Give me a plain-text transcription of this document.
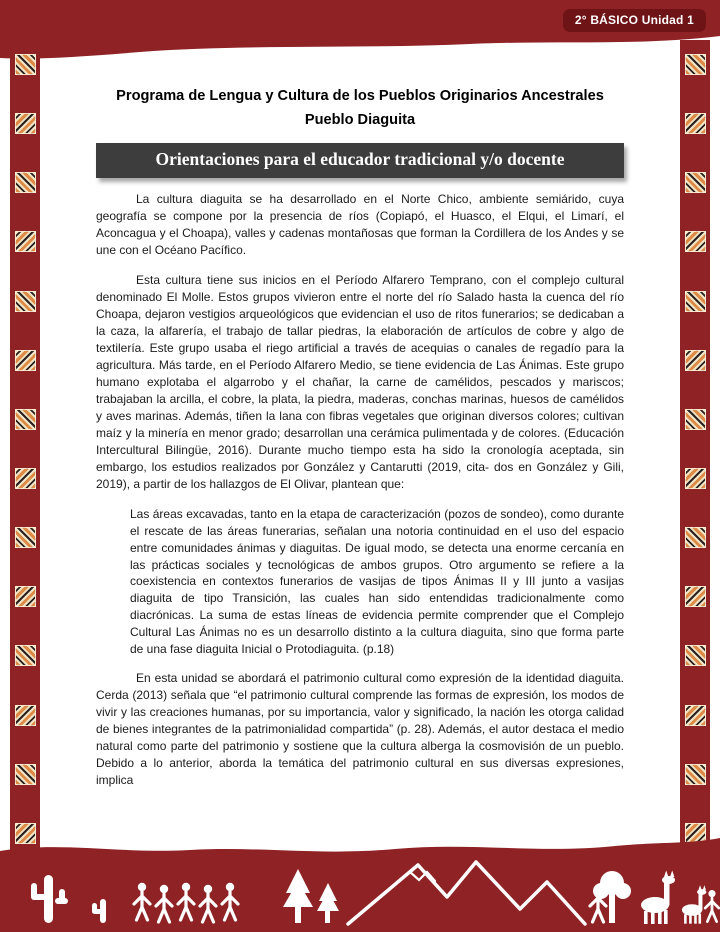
2° BÁSICO Unidad 1
Programa de Lengua y Cultura de los Pueblos Originarios Ancestrales
Pueblo Diaguita
Orientaciones para el educador tradicional y/o docente

La cultura diaguita se ha desarrollado en el Norte Chico, ambiente semiárido, cuya geografía se compone por la presencia de ríos (Copiapó, el Huasco, el Elqui, el Limarí, el Aconcagua y el Choapa), valles y cadenas montañosas que forman la Cordillera de los Andes y se une con el Océano Pacífico.

Esta cultura tiene sus inicios en el Período Alfarero Temprano, con el complejo cultural denominado El Molle. Estos grupos vivieron entre el norte del río Salado hasta la cuenca del río Choapa, dejaron vestigios arqueológicos que evidencian el uso de ritos funerarios; se dedicaban a la caza, la alfarería, el trabajo de tallar piedras, la elaboración de artículos de cobre y algo de textilería. Este grupo usaba el riego artificial a través de acequias o canales de regadío para la agricultura. Más tarde, en el Período Alfarero Medio, se tiene evidencia de Las Ánimas. Este grupo humano explotaba el algarrobo y el chañar, la carne de camélidos, pescados y mariscos; trabajaban la arcilla, el cobre, la plata, la piedra, maderas, conchas marinas, huesos de camélidos y aves marinas. Además, tiñen la lana con fibras vegetales que originan diversos colores; cultivan maíz y la minería en menor grado; desarrollan una cerámica pulimentada y de colores. (Educación Intercultural Bilingüe, 2016). Durante mucho tiempo esta ha sido la cronología aceptada, sin embargo, los estudios realizados por González y Cantarutti (2019, cita- dos en González y Gili, 2019), a partir de los hallazgos de El Olivar, plantean que:

Las áreas excavadas, tanto en la etapa de caracterización (pozos de sondeo), como durante el rescate de las áreas funerarias, señalan una notoria continuidad en el uso del espacio entre comunidades ánimas y diaguitas. De igual modo, se detecta una enorme cercanía en las prácticas sociales y tecnológicas de ambos grupos. Otro argumento se refiere a la coexistencia en contextos funerarios de vasijas de tipos Ánimas II y III junto a vasijas diaguita de tipo Transición, las cuales han sido entendidas tradicionalmente como diacrónicas. La suma de estas líneas de evidencia permite comprender que el Complejo Cultural Las Ánimas no es un desarrollo distinto a la cultura diaguita, sino que forma parte de una fase diaguita Inicial o Protodiaguita. (p.18)

En esta unidad se abordará el patrimonio cultural como expresión de la identidad diaguita. Cerda (2013) señala que “el patrimonio cultural comprende las formas de expresión, los modos de vivir y las creaciones humanas, por su importancia, valor y significado, la nación les otorga calidad de bienes integrantes de la patrimonialidad compartida” (p. 28). Además, el autor destaca el medio natural como parte del patrimonio y sostiene que la cultura alberga la cosmovisión de un pueblo. Debido a lo anterior, aborda la temática del patrimonio cultural en sus diversas expresiones, implica
